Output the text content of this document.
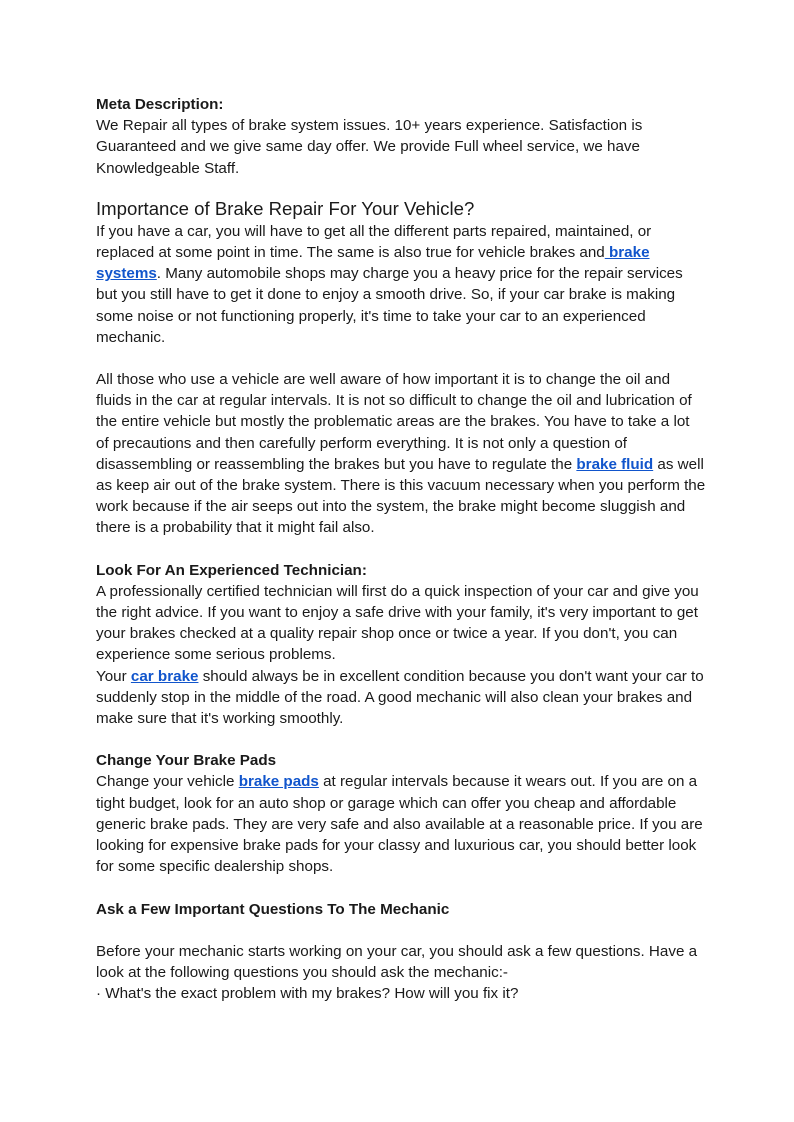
Meta Description:

We Repair all types of brake system issues. 10+ years experience. Satisfaction is Guaranteed and we give same day offer. We provide Full wheel service, we have Knowledgeable Staff.

Importance of Brake Repair For Your Vehicle?

If you have a car, you will have to get all the different parts repaired, maintained, or replaced at some point in time. The same is also true for vehicle brakes and brake systems. Many automobile shops may charge you a heavy price for the repair services but you still have to get it done to enjoy a smooth drive. So, if your car brake is making some noise or not functioning properly, it's time to take your car to an experienced mechanic.

All those who use a vehicle are well aware of how important it is to change the oil and fluids in the car at regular intervals. It is not so difficult to change the oil and lubrication of the entire vehicle but mostly the problematic areas are the brakes. You have to take a lot of precautions and then carefully perform everything. It is not only a question of disassembling or reassembling the brakes but you have to regulate the brake fluid as well as keep air out of the brake system. There is this vacuum necessary when you perform the work because if the air seeps out into the system, the brake might become sluggish and there is a probability that it might fail also.

Look For An Experienced Technician:

A professionally certified technician will first do a quick inspection of your car and give you the right advice. If you want to enjoy a safe drive with your family, it's very important to get your brakes checked at a quality repair shop once or twice a year. If you don't, you can experience some serious problems.

Your car brake should always be in excellent condition because you don't want your car to suddenly stop in the middle of the road. A good mechanic will also clean your brakes and make sure that it's working smoothly.

Change Your Brake Pads

Change your vehicle brake pads at regular intervals because it wears out. If you are on a tight budget, look for an auto shop or garage which can offer you cheap and affordable generic brake pads. They are very safe and also available at a reasonable price. If you are looking for expensive brake pads for your classy and luxurious car, you should better look for some specific dealership shops.

Ask a Few Important Questions To The Mechanic

Before your mechanic starts working on your car, you should ask a few questions. Have a look at the following questions you should ask the mechanic:-

· What's the exact problem with my brakes? How will you fix it?
